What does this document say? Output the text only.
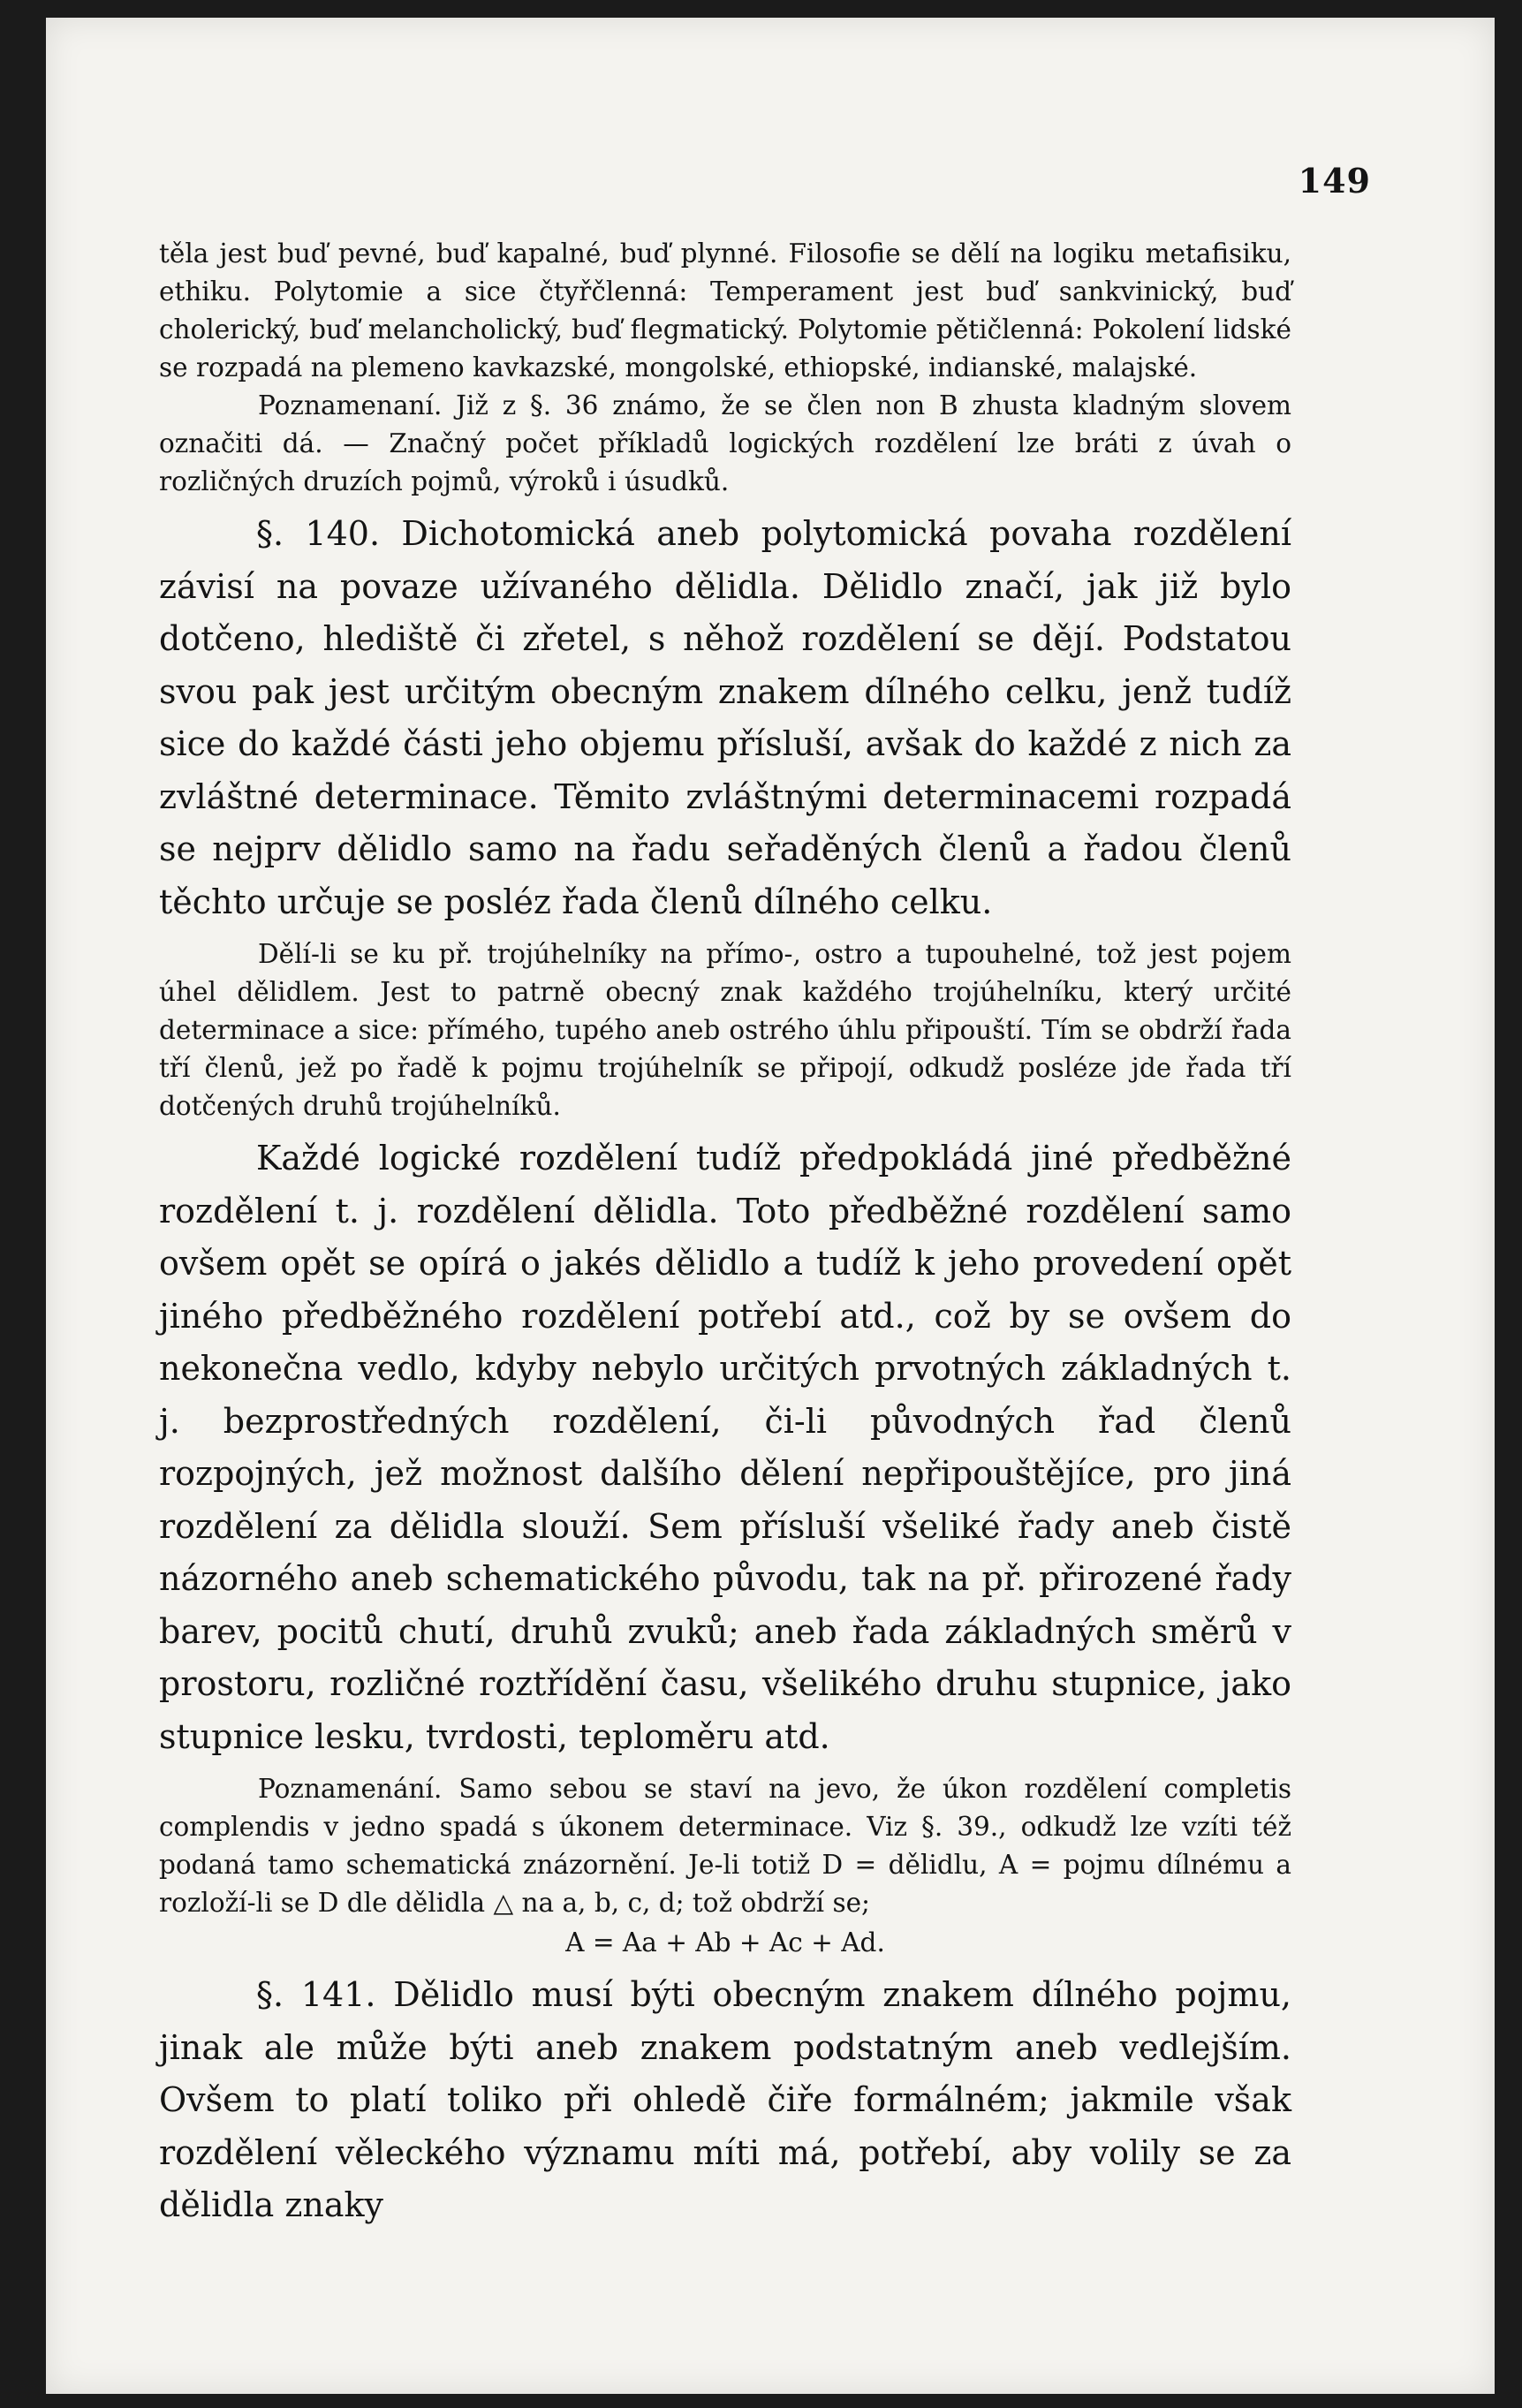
149

těla jest buď pevné, buď kapalné, buď plynné. Filosofie se dělí na logiku metafisiku, ethiku. Polytomie a sice čtyřčlenná: Temperament jest buď sankvinický, buď cholerický, buď melancholický, buď flegmatický. Polytomie pětičlenná: Pokolení lidské se rozpadá na plemeno kavkazské, mongolské, ethiopské, indianské, malajské.

Poznamenaní. Již z §. 36 známo, že se člen non B zhusta kladným slovem označiti dá. — Značný počet příkladů logických rozdělení lze bráti z úvah o rozličných druzích pojmů, výroků i úsudků.

§. 140. Dichotomická aneb polytomická povaha rozdělení závisí na povaze užívaného dělidla. Dělidlo značí, jak již bylo dotčeno, hlediště či zřetel, s něhož rozdělení se dějí. Podstatou svou pak jest určitým obecným znakem dílného celku, jenž tudíž sice do každé části jeho objemu přísluší, avšak do každé z nich za zvláštné determinace. Těmito zvláštnými determinacemi rozpadá se nejprv dělidlo samo na řadu seřaděných členů a řadou členů těchto určuje se posléz řada členů dílného celku.

Dělí-li se ku př. trojúhelníky na přímo-, ostro a tupouhelné, tož jest pojem úhel dělidlem. Jest to patrně obecný znak každého trojúhelníku, který určité determinace a sice: přímého, tupého aneb ostrého úhlu připouští. Tím se obdrží řada tří členů, jež po řadě k pojmu trojúhelník se připojí, odkudž posléze jde řada tří dotčených druhů trojúhelníků.

Každé logické rozdělení tudíž předpokládá jiné předběžné rozdělení t. j. rozdělení dělidla. Toto předběžné rozdělení samo ovšem opět se opírá o jakés dělidlo a tudíž k jeho provedení opět jiného předběžného rozdělení potřebí atd., což by se ovšem do nekonečna vedlo, kdyby nebylo určitých prvotných základných t. j. bezprostředných rozdělení, či-li původných řad členů rozpojných, jež možnost dalšího dělení nepřipouštějíce, pro jiná rozdělení za dělidla slouží. Sem přísluší všeliké řady aneb čistě názorného aneb schematického původu, tak na př. přirozené řady barev, pocitů chutí, druhů zvuků; aneb řada základných směrů v prostoru, rozličné roztřídění času, všelikého druhu stupnice, jako stupnice lesku, tvrdosti, teploměru atd.

Poznamenání. Samo sebou se staví na jevo, že úkon rozdělení completis complendis v jedno spadá s úkonem determinace. Viz §. 39., odkudž lze vzíti též podaná tamo schematická znázornění. Je-li totiž D = dělidlu, A = pojmu dílnému a rozloží-li se D dle dělidla △ na a, b, c, d; tož obdrží se;

A = Aa + Ab + Ac + Ad.

§. 141. Dělidlo musí býti obecným znakem dílného pojmu, jinak ale může býti aneb znakem podstatným aneb vedlejším. Ovšem to platí toliko při ohledě čiře formálném; jakmile však rozdělení věleckého významu míti má, potřebí, aby volily se za dělidla znaky
